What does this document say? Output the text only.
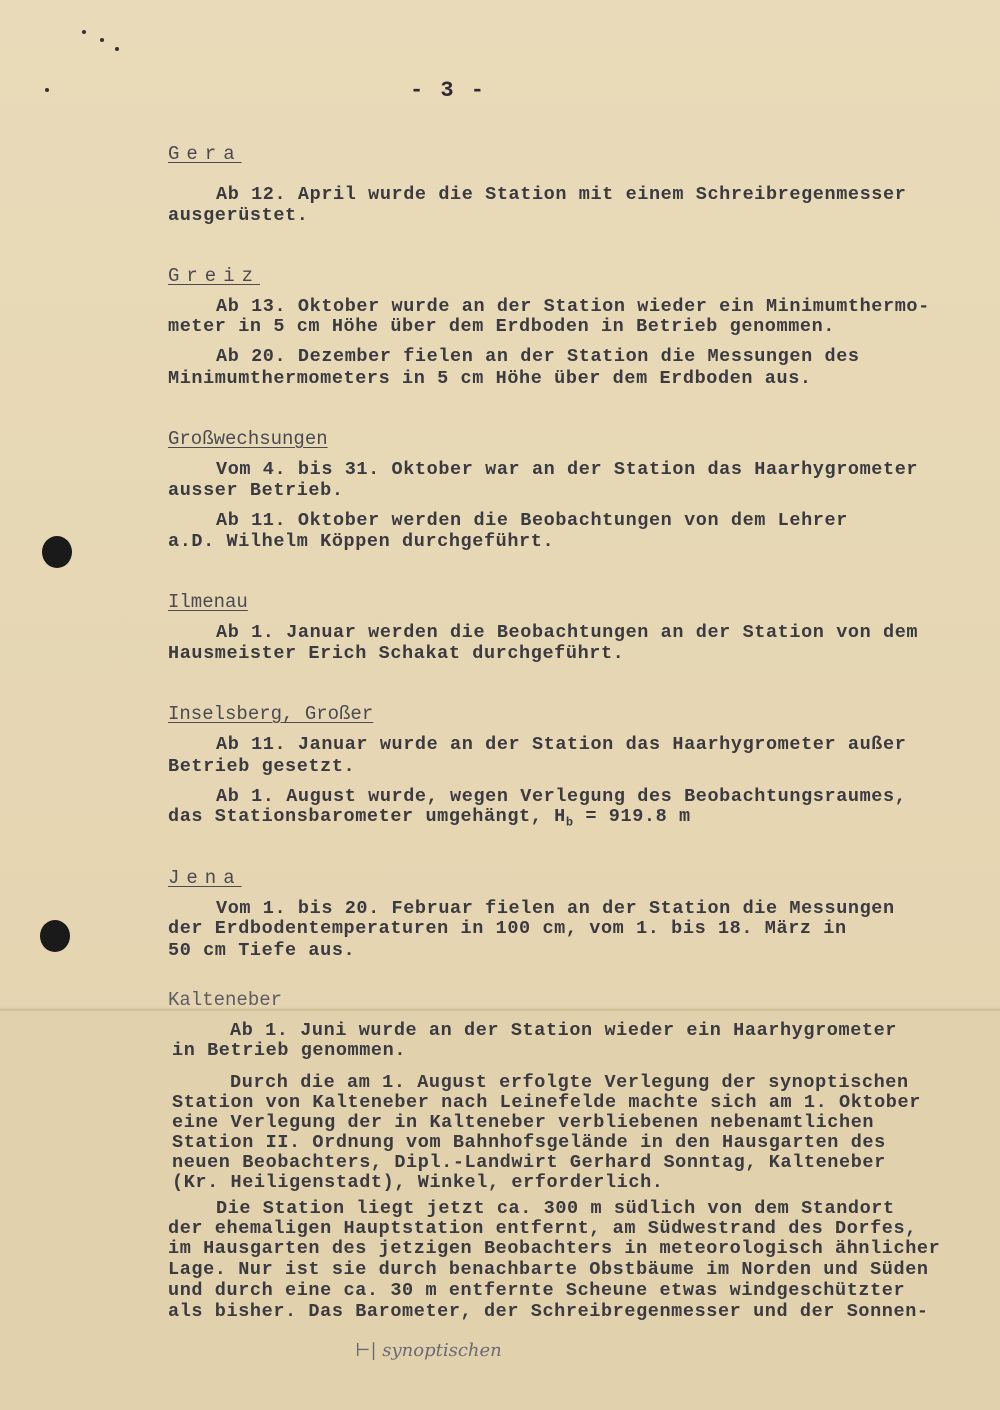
- 3 -
Gera
Ab 12. April wurde die Station mit einem Schreibregenmesser
ausgerüstet.
Greiz
Ab 13. Oktober wurde an der Station wieder ein Minimumthermo-
meter in 5 cm Höhe über dem Erdboden in Betrieb genommen.
Ab 20. Dezember fielen an der Station die Messungen des
Minimumthermometers in 5 cm Höhe über dem Erdboden aus.
Großwechsungen
Vom 4. bis 31. Oktober war an der Station das Haarhygrometer
ausser Betrieb.
Ab 11. Oktober werden die Beobachtungen von dem Lehrer
a.D. Wilhelm Köppen durchgeführt.
Ilmenau
Ab 1. Januar werden die Beobachtungen an der Station von dem
Hausmeister Erich Schakat durchgeführt.
Inselsberg, Großer
Ab 11. Januar wurde an der Station das Haarhygrometer außer
Betrieb gesetzt.
Ab 1. August wurde, wegen Verlegung des Beobachtungsraumes,
das Stationsbarometer umgehängt, $H_b = 919.8$ m
Jena
Vom 1. bis 20. Februar fielen an der Station die Messungen
der Erdbodentemperaturen in 100 cm, vom 1. bis 18. März in
50 cm Tiefe aus.
Kalteneber
Ab 1. Juni wurde an der Station wieder ein Haarhygrometer
in Betrieb genommen.
Durch die am 1. August erfolgte Verlegung der synoptischen
Station von Kalteneber nach Leinefelde machte sich am 1. Oktober
eine Verlegung der in Kalteneber verbliebenen nebenamtlichen
Station II. Ordnung vom Bahnhofsgelände in den Hausgarten des
neuen Beobachters, Dipl.-Landwirt Gerhard Sonntag, Kalteneber
(Kr. Heiligenstadt), Winkel, erforderlich.
Die Station liegt jetzt ca. 300 m südlich von dem Standort
der ehemaligen Hauptstation entfernt, am Südwestrand des Dorfes,
im Hausgarten des jetzigen Beobachters in meteorologisch ähnlicher
Lage. Nur ist sie durch benachbarte Obstbäume im Norden und Süden
und durch eine ca. 30 m entfernte Scheune etwas windgeschützter
als bisher. Das Barometer, der Schreibregenmesser und der Sonnen-
⊢| synoptischen
